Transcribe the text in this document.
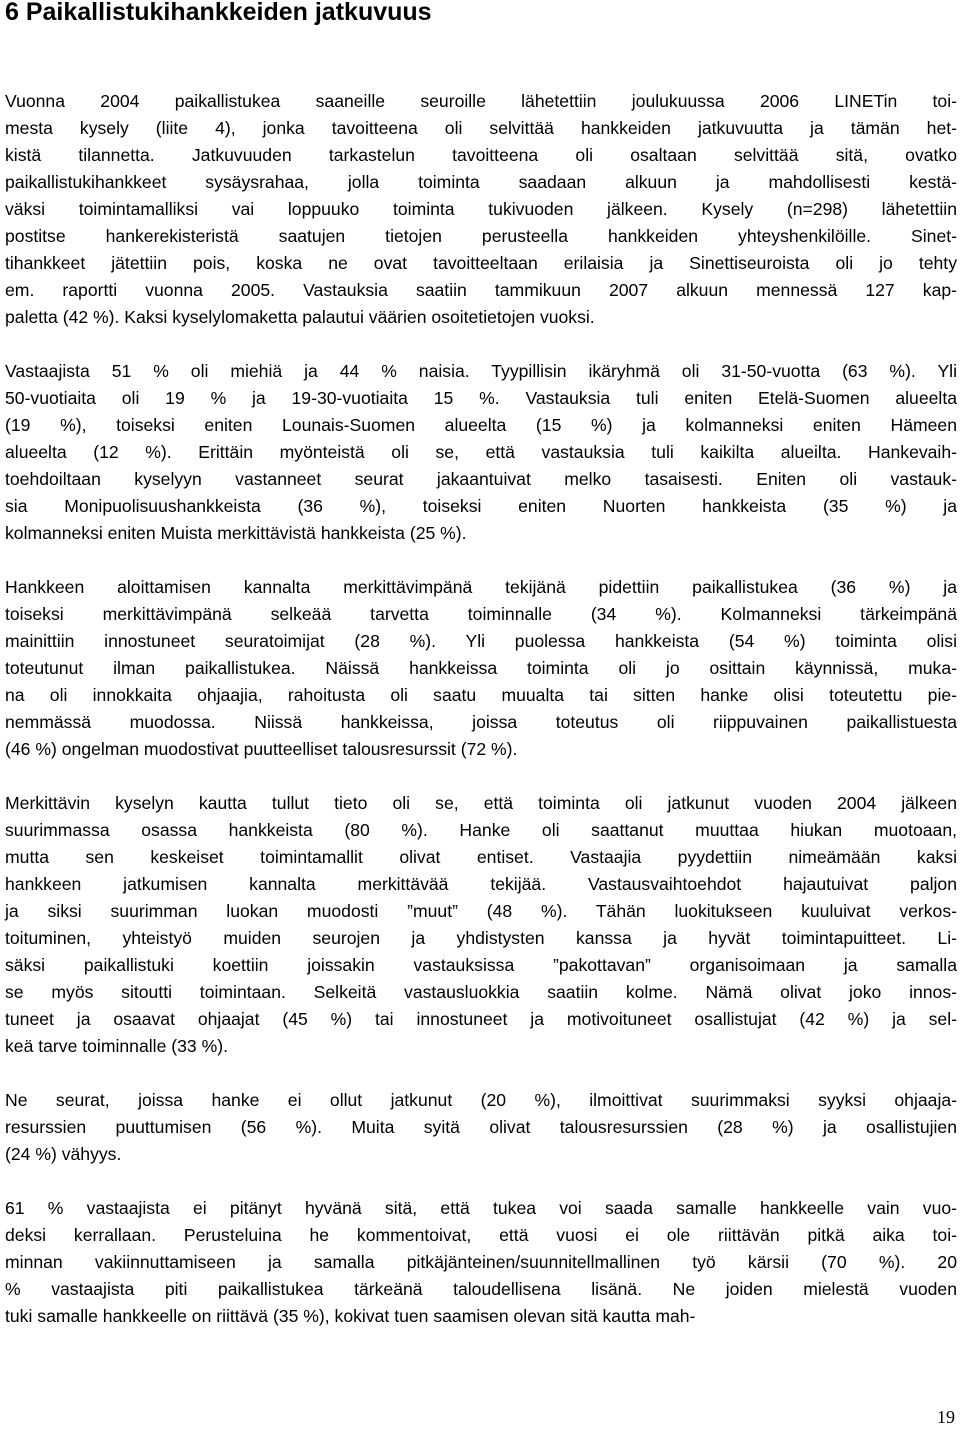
6 Paikallistukihankkeiden jatkuvuus

Vuonna 2004 paikallistukea saaneille seuroille lähetettiin joulukuussa 2006 LINETin toi-
mesta kysely (liite 4), jonka tavoitteena oli selvittää hankkeiden jatkuvuutta ja tämän het-
kistä tilannetta. Jatkuvuuden tarkastelun tavoitteena oli osaltaan selvittää sitä, ovatko
paikallistukihankkeet sysäysrahaa, jolla toiminta saadaan alkuun ja mahdollisesti kestä-
väksi toimintamalliksi vai loppuuko toiminta tukivuoden jälkeen. Kysely (n=298) lähetettiin
postitse hankerekisteristä saatujen tietojen perusteella hankkeiden yhteyshenkilöille. Sinet-
tihankkeet jätettiin pois, koska ne ovat tavoitteeltaan erilaisia ja Sinettiseuroista oli jo tehty
em. raportti vuonna 2005. Vastauksia saatiin tammikuun 2007 alkuun mennessä 127 kap-
paletta (42 %). Kaksi kyselylomaketta palautui väärien osoitetietojen vuoksi.

Vastaajista 51 % oli miehiä ja 44 % naisia. Tyypillisin ikäryhmä oli 31-50-vuotta (63 %). Yli
50-vuotiaita oli 19 % ja 19-30-vuotiaita 15 %. Vastauksia tuli eniten Etelä-Suomen alueelta
(19 %), toiseksi eniten Lounais-Suomen alueelta (15 %) ja kolmanneksi eniten Hämeen
alueelta (12 %). Erittäin myönteistä oli se, että vastauksia tuli kaikilta alueilta. Hankevaih-
toehdoiltaan kyselyyn vastanneet seurat jakaantuivat melko tasaisesti. Eniten oli vastauk-
sia Monipuolisuushankkeista (36 %), toiseksi eniten Nuorten hankkeista (35 %) ja
kolmanneksi eniten Muista merkittävistä hankkeista (25 %).

Hankkeen aloittamisen kannalta merkittävimpänä tekijänä pidettiin paikallistukea (36 %) ja
toiseksi merkittävimpänä selkeää tarvetta toiminnalle (34 %). Kolmanneksi tärkeimpänä
mainittiin innostuneet seuratoimijat (28 %). Yli puolessa hankkeista (54 %) toiminta olisi
toteutunut ilman paikallistukea. Näissä hankkeissa toiminta oli jo osittain käynnissä, muka-
na oli innokkaita ohjaajia, rahoitusta oli saatu muualta tai sitten hanke olisi toteutettu pie-
nemmässä muodossa. Niissä hankkeissa, joissa toteutus oli riippuvainen paikallistuesta
(46 %) ongelman muodostivat puutteelliset talousresurssit (72 %).

Merkittävin kyselyn kautta tullut tieto oli se, että toiminta oli jatkunut vuoden 2004 jälkeen
suurimmassa osassa hankkeista (80 %). Hanke oli saattanut muuttaa hiukan muotoaan,
mutta sen keskeiset toimintamallit olivat entiset. Vastaajia pyydettiin nimeämään kaksi
hankkeen jatkumisen kannalta merkittävää tekijää. Vastausvaihtoehdot hajautuivat paljon
ja siksi suurimman luokan muodosti ”muut” (48 %). Tähän luokitukseen kuuluivat verkos-
toituminen, yhteistyö muiden seurojen ja yhdistysten kanssa ja hyvät toimintapuitteet. Li-
säksi paikallistuki koettiin joissakin vastauksissa ”pakottavan” organisoimaan ja samalla
se myös sitoutti toimintaan. Selkeitä vastausluokkia saatiin kolme. Nämä olivat joko innos-
tuneet ja osaavat ohjaajat (45 %) tai innostuneet ja motivoituneet osallistujat (42 %) ja sel-
keä tarve toiminnalle (33 %).

Ne seurat, joissa hanke ei ollut jatkunut (20 %), ilmoittivat suurimmaksi syyksi ohjaaja-
resurssien puuttumisen (56 %). Muita syitä olivat talousresurssien (28 %) ja osallistujien
(24 %) vähyys.

61 % vastaajista ei pitänyt hyvänä sitä, että tukea voi saada samalle hankkeelle vain vuo-
deksi kerrallaan. Perusteluina he kommentoivat, että vuosi ei ole riittävän pitkä aika toi-
minnan vakiinnuttamiseen ja samalla pitkäjänteinen/suunnitellmallinen työ kärsii (70 %). 20
% vastaajista piti paikallistukea tärkeänä taloudellisena lisänä. Ne joiden mielestä vuoden
tuki samalle hankkeelle on riittävä (35 %), kokivat tuen saamisen olevan sitä kautta mah-

19
